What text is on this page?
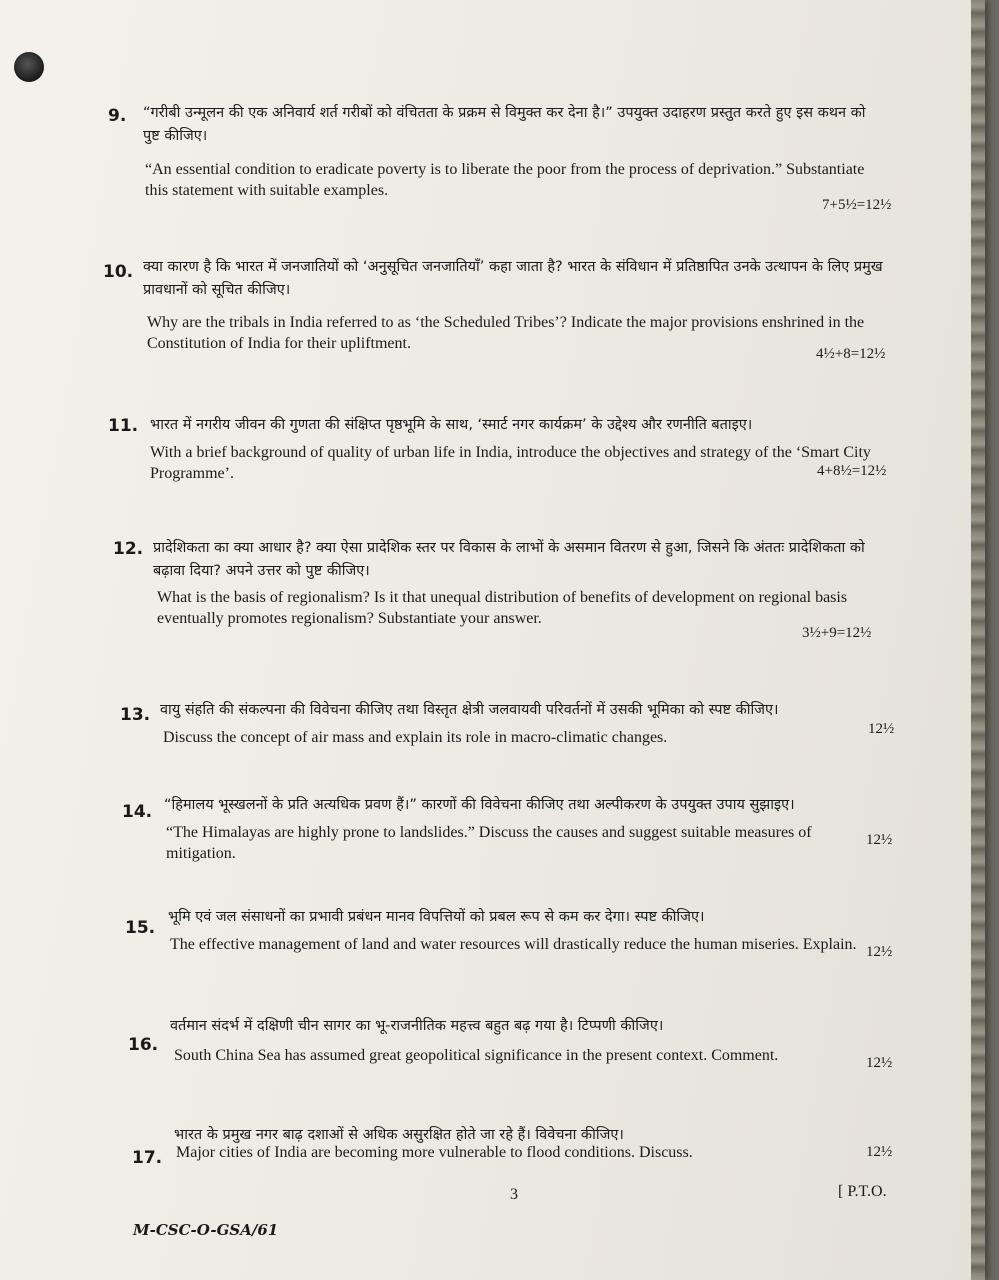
9. “गरीबी उन्मूलन की एक अनिवार्य शर्त गरीबों को वंचितता के प्रक्रम से विमुक्त कर देना है।” उपयुक्त उदाहरण प्रस्तुत करते हुए इस कथन को पुष्ट कीजिए।
“An essential condition to eradicate poverty is to liberate the poor from the process of deprivation.” Substantiate this statement with suitable examples.
7+5½=12½
10. क्या कारण है कि भारत में जनजातियों को ‘अनुसूचित जनजातियाँ’ कहा जाता है? भारत के संविधान में प्रतिष्ठापित उनके उत्थापन के लिए प्रमुख प्रावधानों को सूचित कीजिए।
Why are the tribals in India referred to as ‘the Scheduled Tribes’? Indicate the major provisions enshrined in the Constitution of India for their upliftment.
4½+8=12½
11. भारत में नगरीय जीवन की गुणता की संक्षिप्त पृष्ठभूमि के साथ, ‘स्मार्ट नगर कार्यक्रम’ के उद्देश्य और रणनीति बताइए।
With a brief background of quality of urban life in India, introduce the objectives and strategy of the ‘Smart City Programme’.	4+8½=12½
12. प्रादेशिकता का क्या आधार है? क्या ऐसा प्रादेशिक स्तर पर विकास के लाभों के असमान वितरण से हुआ, जिसने कि अंततः प्रादेशिकता को बढ़ावा दिया? अपने उत्तर को पुष्ट कीजिए।
What is the basis of regionalism? Is it that unequal distribution of benefits of development on regional basis eventually promotes regionalism? Substantiate your answer.
3½+9=12½
13. वायु संहति की संकल्पना की विवेचना कीजिए तथा विस्तृत क्षेत्री जलवायवी परिवर्तनों में उसकी भूमिका को स्पष्ट कीजिए।
Discuss the concept of air mass and explain its role in macro-climatic changes.	12½
14. “हिमालय भूस्खलनों के प्रति अत्यधिक प्रवण हैं।” कारणों की विवेचना कीजिए तथा अल्पीकरण के उपयुक्त उपाय सुझाइए।
“The Himalayas are highly prone to landslides.” Discuss the causes and suggest suitable measures of mitigation.
12½
15.
भूमि एवं जल संसाधनों का प्रभावी प्रबंधन मानव विपत्तियों को प्रबल रूप से कम कर देगा। स्पष्ट कीजिए।
The effective management of land and water resources will drastically reduce the human miseries. Explain. 12½
16.
वर्तमान संदर्भ में दक्षिणी चीन सागर का भू-राजनीतिक महत्त्व बहुत बढ़ गया है। टिप्पणी कीजिए।
South China Sea has assumed great geopolitical significance in the present context. Comment.	12½
17.
भारत के प्रमुख नगर बाढ़ दशाओं से अधिक असुरक्षित होते जा रहे हैं। विवेचना कीजिए।
Major cities of India are becoming more vulnerable to flood conditions. Discuss.	12½
3	[ P.T.O.
M-CSC-O-GSA/61
